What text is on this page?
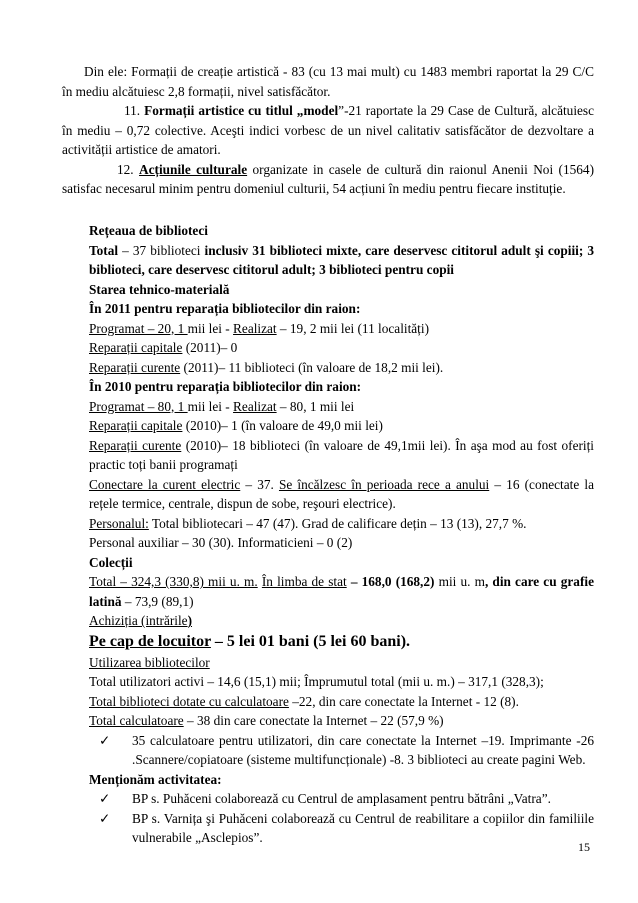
Din ele: Formații de creație artistică - 83 (cu 13 mai mult) cu 1483 membri raportat la 29 C/C în mediu alcătuiesc 2,8 formații, nivel satisfăcător.

11. Formații artistice cu titlul „model”-21 raportate la 29 Case de Cultură, alcătuiesc în mediu – 0,72 colective. Aceşti indici vorbesc de un nivel calitativ satisfăcător de dezvoltare a activității artistice de amatori.

12. Acțiunile culturale organizate in casele de cultură din raionul Anenii Noi (1564) satisfac necesarul minim pentru domeniul culturii, 54 acțiuni în mediu pentru fiecare instituție.

Rețeaua de biblioteci

Total – 37 biblioteci inclusiv 31 biblioteci mixte, care deservesc cititorul adult şi copiii; 3 biblioteci, care deservesc cititorul adult; 3 biblioteci pentru copii

Starea tehnico-materială

În 2011 pentru reparația bibliotecilor din raion:

Programat – 20, 1 mii lei - Realizat – 19, 2 mii lei (11 localități)

Reparații capitale (2011)– 0

Reparații curente (2011)– 11 biblioteci (în valoare de 18,2 mii lei).

În 2010 pentru reparația bibliotecilor din raion:

Programat – 80, 1 mii lei - Realizat – 80, 1 mii lei

Reparații capitale (2010)– 1 (în valoare de 49,0 mii lei)

Reparații curente (2010)– 18 biblioteci (în valoare de 49,1mii lei). În aşa mod au fost oferiți practic toți banii programați

Conectare la curent electric – 37. Se încălzesc în perioada rece a anului – 16 (conectate la rețele termice, centrale, dispun de sobe, reşouri electrice).

Personalul: Total bibliotecari – 47 (47). Grad de calificare dețin – 13 (13), 27,7 %.

Personal auxiliar – 30 (30). Informaticieni – 0 (2)

Colecții

Total – 324,3 (330,8) mii u. m. În limba de stat – 168,0 (168,2) mii u. m, din care cu grafie latină – 73,9 (89,1)

Achiziția (intrările)

Pe cap de locuitor – 5 lei 01 bani (5 lei 60 bani).

Utilizarea bibliotecilor

Total utilizatori activi – 14,6 (15,1) mii; Împrumutul total (mii u. m.) – 317,1 (328,3);

Total biblioteci dotate cu calculatoare –22, din care conectate la Internet - 12 (8).

Total calculatoare – 38 din care conectate la Internet – 22 (57,9 %)

✓ 35 calculatoare pentru utilizatori, din care conectate la Internet –19. Imprimante -26 .Scannere/copiatoare (sisteme multifuncționale) -8. 3 biblioteci au create pagini Web.

Menționăm activitatea:

✓ BP s. Puhăceni colaborează cu Centrul de amplasament pentru bătrâni „Vatra”.

✓ BP s. Varnița şi Puhăceni colaborează cu Centrul de reabilitare a copiilor din familiile vulnerabile „Asclepios”.

15
